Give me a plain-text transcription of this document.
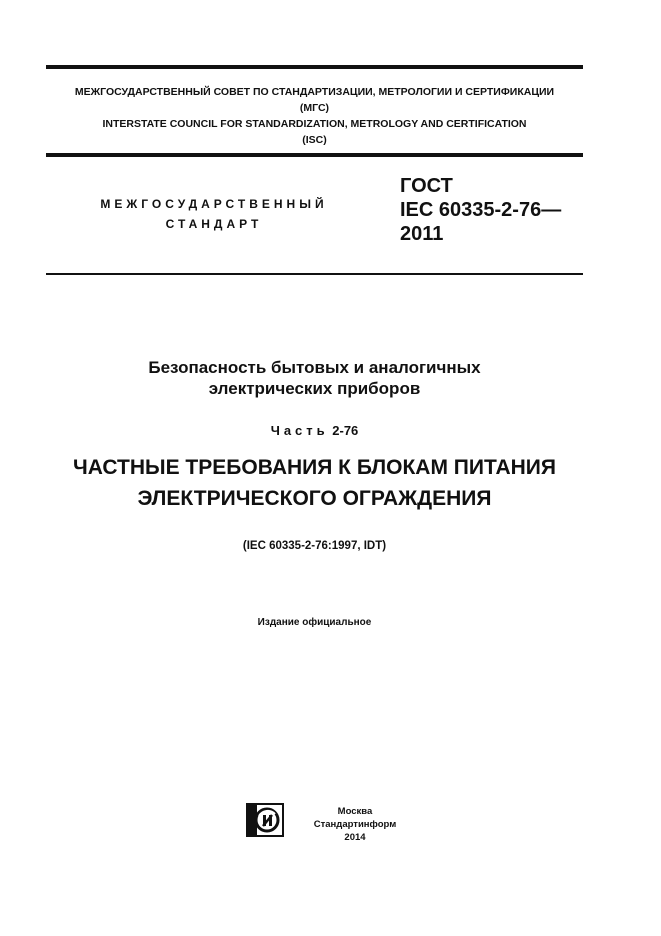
МЕЖГОСУДАРСТВЕННЫЙ СОВЕТ ПО СТАНДАРТИЗАЦИИ, МЕТРОЛОГИИ И СЕРТИФИКАЦИИ
(МГС)
INTERSTATE COUNCIL FOR STANDARDIZATION, METROLOGY AND CERTIFICATION
(ISC)
МЕЖГОСУДАРСТВЕННЫЙ
СТАНДАРТ
ГОСТ
IEC 60335-2-76—
2011
Безопасность бытовых и аналогичных
электрических приборов
Часть 2-76
ЧАСТНЫЕ ТРЕБОВАНИЯ К БЛОКАМ ПИТАНИЯ
ЭЛЕКТРИЧЕСКОГО ОГРАЖДЕНИЯ
(IEC 60335-2-76:1997, IDT)
Издание официальное
Москва
Стандартинформ
2014
